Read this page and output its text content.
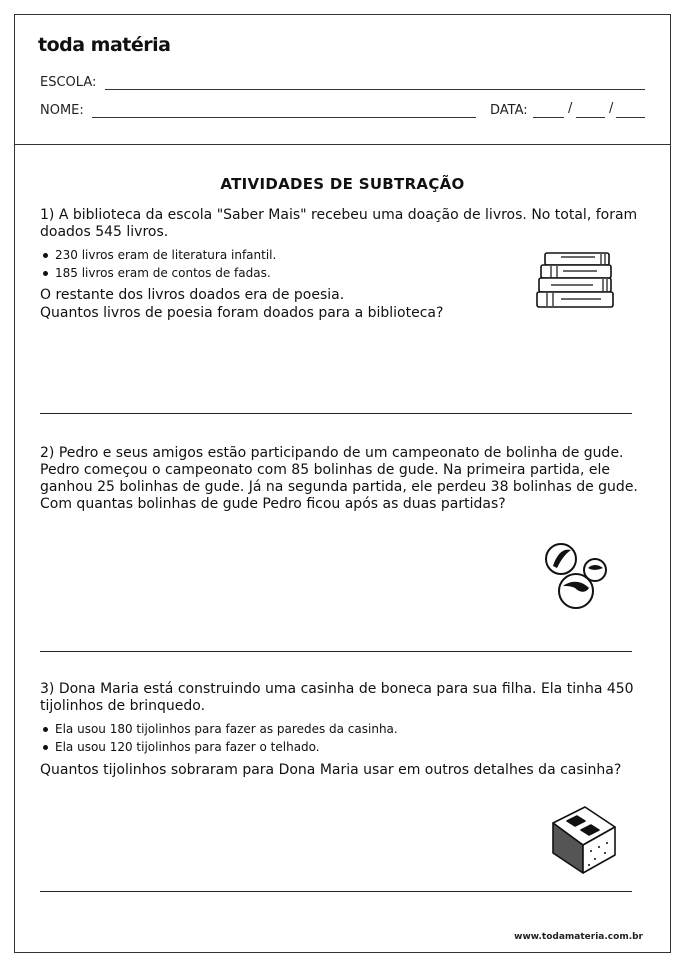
toda matéria
ESCOLA:
NOME:	DATA:	/	/
ATIVIDADES DE SUBTRAÇÃO
1) A biblioteca da escola "Saber Mais" recebeu uma doação de livros. No total, foram doados 545 livros.
230 livros eram de literatura infantil.
185 livros eram de contos de fadas.
O restante dos livros doados era de poesia.
Quantos livros de poesia foram doados para a biblioteca?
2) Pedro e seus amigos estão participando de um campeonato de bolinha de gude. Pedro começou o campeonato com 85 bolinhas de gude. Na primeira partida, ele ganhou 25 bolinhas de gude. Já na segunda partida, ele perdeu 38 bolinhas de gude. Com quantas bolinhas de gude Pedro ficou após as duas partidas?
3) Dona Maria está construindo uma casinha de boneca para sua filha. Ela tinha 450 tijolinhos de brinquedo.
Ela usou 180 tijolinhos para fazer as paredes da casinha.
Ela usou 120 tijolinhos para fazer o telhado.
Quantos tijolinhos sobraram para Dona Maria usar em outros detalhes da casinha?
www.todamateria.com.br
